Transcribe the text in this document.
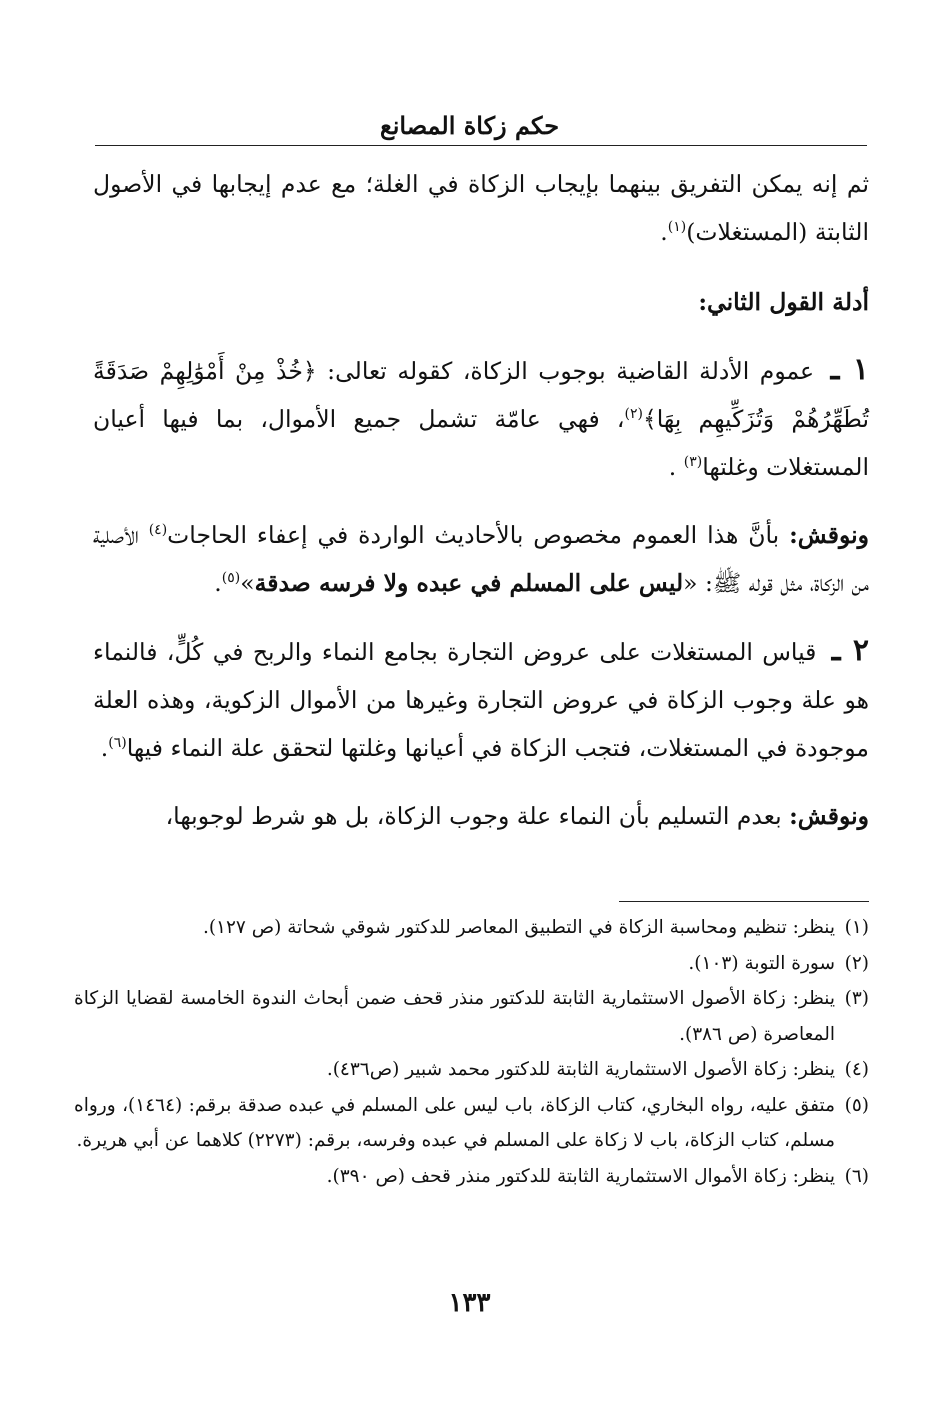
حكم زكاة المصانع

ثم إنه يمكن التفريق بينهما بإيجاب الزكاة في الغلة؛ مع عدم إيجابها في الأصول الثابتة (المستغلات)$^{(١)}$.

أدلة القول الثاني:

١ ـ عموم الأدلة القاضية بوجوب الزكاة، كقوله تعالى: ﴿خُذْ مِنْ أَمْوَٰلِهِمْ صَدَقَةً تُطَهِّرُهُمْ وَتُزَكِّيهِم بِهَا﴾$^{(٢)}$، فهي عامّة تشمل جميع الأموال، بما فيها أعيان المستغلات وغلتها$^{(٣)}$ .

ونوقش: بأنَّ هذا العموم مخصوص بالأحاديث الواردة في إعفاء الحاجات$^{(٤)}$ الأصلية من الزكاة، مثل قوله ﷺ: «ليس على المسلم في عبده ولا فرسه صدقة»$^{(٥)}$.

٢ ـ قياس المستغلات على عروض التجارة بجامع النماء والربح في كُلٍّ، فالنماء هو علة وجوب الزكاة في عروض التجارة وغيرها من الأموال الزكوية، وهذه العلة موجودة في المستغلات، فتجب الزكاة في أعيانها وغلتها لتحقق علة النماء فيها$^{(٦)}$.

ونوقش: بعدم التسليم بأن النماء علة وجوب الزكاة، بل هو شرط لوجوبها،

(١)
ينظر: تنظيم ومحاسبة الزكاة في التطبيق المعاصر للدكتور شوقي شحاتة (ص ١٢٧).
(٢)
سورة التوبة (١٠٣).
(٣)
ينظر: زكاة الأصول الاستثمارية الثابتة للدكتور منذر قحف ضمن أبحاث الندوة الخامسة لقضايا الزكاة المعاصرة (ص ٣٨٦).
(٤)
ينظر: زكاة الأصول الاستثمارية الثابتة للدكتور محمد شبير (ص٤٣٦).
(٥)
متفق عليه، رواه البخاري، كتاب الزكاة، باب ليس على المسلم في عبده صدقة برقم: (١٤٦٤)، ورواه مسلم، كتاب الزكاة، باب لا زكاة على المسلم في عبده وفرسه، برقم: (٢٢٧٣) كلاهما عن أبي هريرة.
(٦)
ينظر: زكاة الأموال الاستثمارية الثابتة للدكتور منذر قحف (ص ٣٩٠).
١٣٣
